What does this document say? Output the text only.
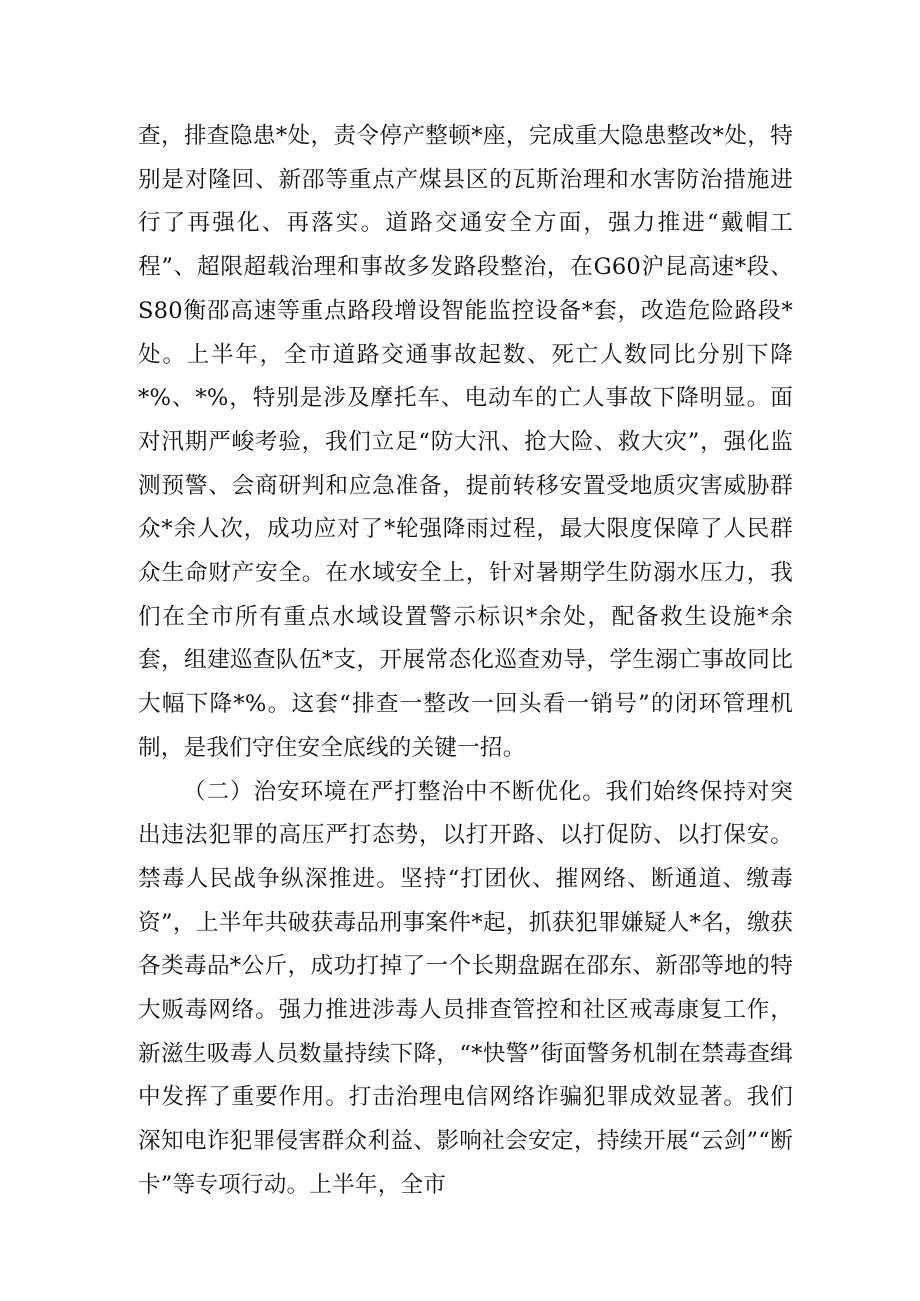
查，排查隐患*处，责令停产整顿*座，完成重大隐患整改*处，特别是对隆回、新邵等重点产煤县区的瓦斯治理和水害防治措施进行了再强化、再落实。道路交通安全方面，强力推进“戴帽工程”、超限超载治理和事故多发路段整治，在G60沪昆高速*段、S80衡邵高速等重点路段增设智能监控设备*套，改造危险路段*处。上半年，全市道路交通事故起数、死亡人数同比分别下降*%、*%，特别是涉及摩托车、电动车的亡人事故下降明显。面对汛期严峻考验，我们立足“防大汛、抢大险、救大灾”，强化监测预警、会商研判和应急准备，提前转移安置受地质灾害威胁群众*余人次，成功应对了*轮强降雨过程，最大限度保障了人民群众生命财产安全。在水域安全上，针对暑期学生防溺水压力，我们在全市所有重点水域设置警示标识*余处，配备救生设施*余套，组建巡查队伍*支，开展常态化巡查劝导，学生溺亡事故同比大幅下降*%。这套“排查一整改一回头看一销号”的闭环管理机制，是我们守住安全底线的关键一招。

（二）治安环境在严打整治中不断优化。我们始终保持对突出违法犯罪的高压严打态势，以打开路、以打促防、以打保安。禁毒人民战争纵深推进。坚持“打团伙、摧网络、断通道、缴毒资”，上半年共破获毒品刑事案件*起，抓获犯罪嫌疑人*名，缴获各类毒品*公斤，成功打掉了一个长期盘踞在邵东、新邵等地的特大贩毒网络。强力推进涉毒人员排查管控和社区戒毒康复工作，新滋生吸毒人员数量持续下降，“*快警”街面警务机制在禁毒查缉中发挥了重要作用。打击治理电信网络诈骗犯罪成效显著。我们深知电诈犯罪侵害群众利益、影响社会安定，持续开展“云剑”“断卡”等专项行动。上半年，全市
